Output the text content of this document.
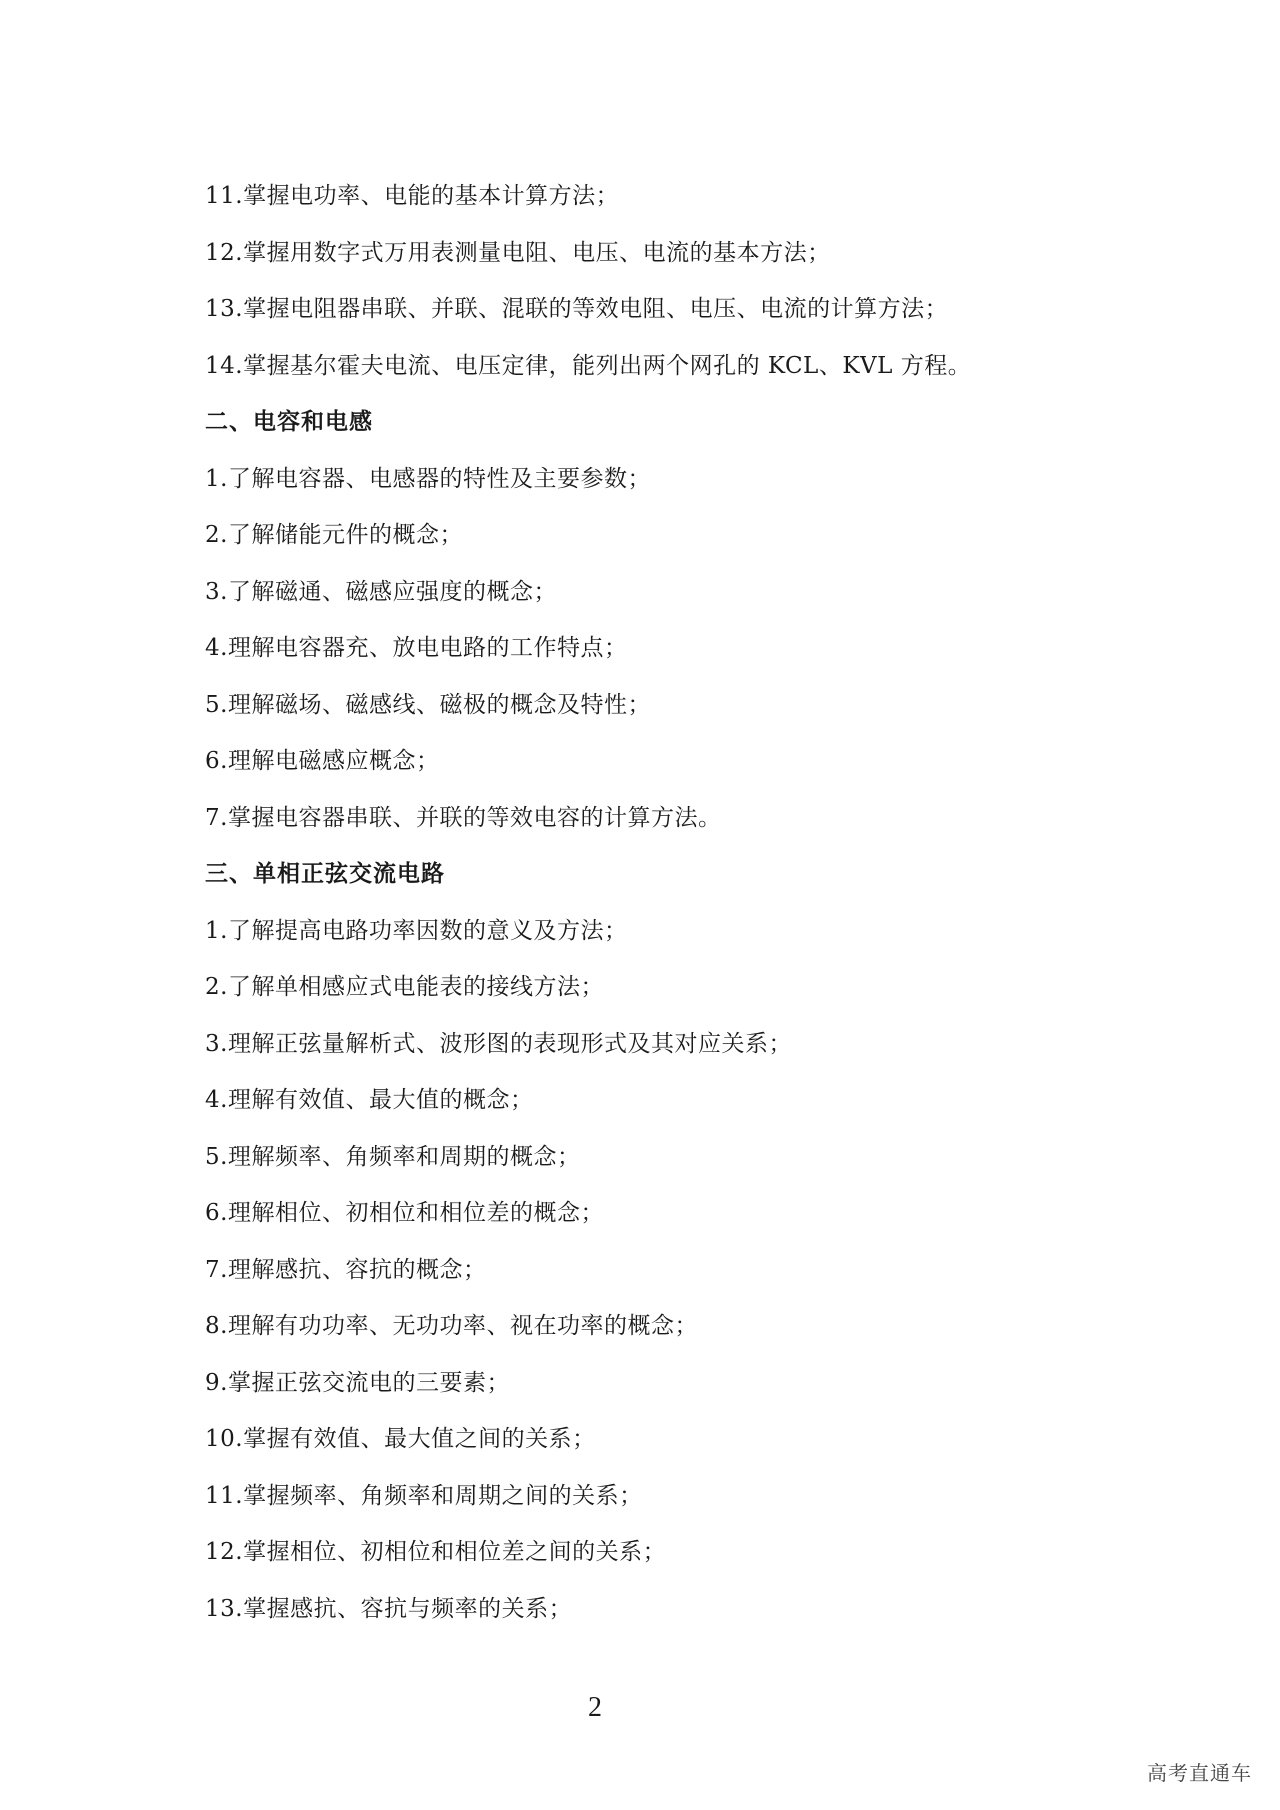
11.掌握电功率、电能的基本计算方法；
12.掌握用数字式万用表测量电阻、电压、电流的基本方法；
13.掌握电阻器串联、并联、混联的等效电阻、电压、电流的计算方法；
14.掌握基尔霍夫电流、电压定律，能列出两个网孔的 KCL、KVL 方程。
二、电容和电感
1.了解电容器、电感器的特性及主要参数；
2.了解储能元件的概念；
3.了解磁通、磁感应强度的概念；
4.理解电容器充、放电电路的工作特点；
5.理解磁场、磁感线、磁极的概念及特性；
6.理解电磁感应概念；
7.掌握电容器串联、并联的等效电容的计算方法。
三、单相正弦交流电路
1.了解提高电路功率因数的意义及方法；
2.了解单相感应式电能表的接线方法；
3.理解正弦量解析式、波形图的表现形式及其对应关系；
4.理解有效值、最大值的概念；
5.理解频率、角频率和周期的概念；
6.理解相位、初相位和相位差的概念；
7.理解感抗、容抗的概念；
8.理解有功功率、无功功率、视在功率的概念；
9.掌握正弦交流电的三要素；
10.掌握有效值、最大值之间的关系；
11.掌握频率、角频率和周期之间的关系；
12.掌握相位、初相位和相位差之间的关系；
13.掌握感抗、容抗与频率的关系；
2
高考直通车
